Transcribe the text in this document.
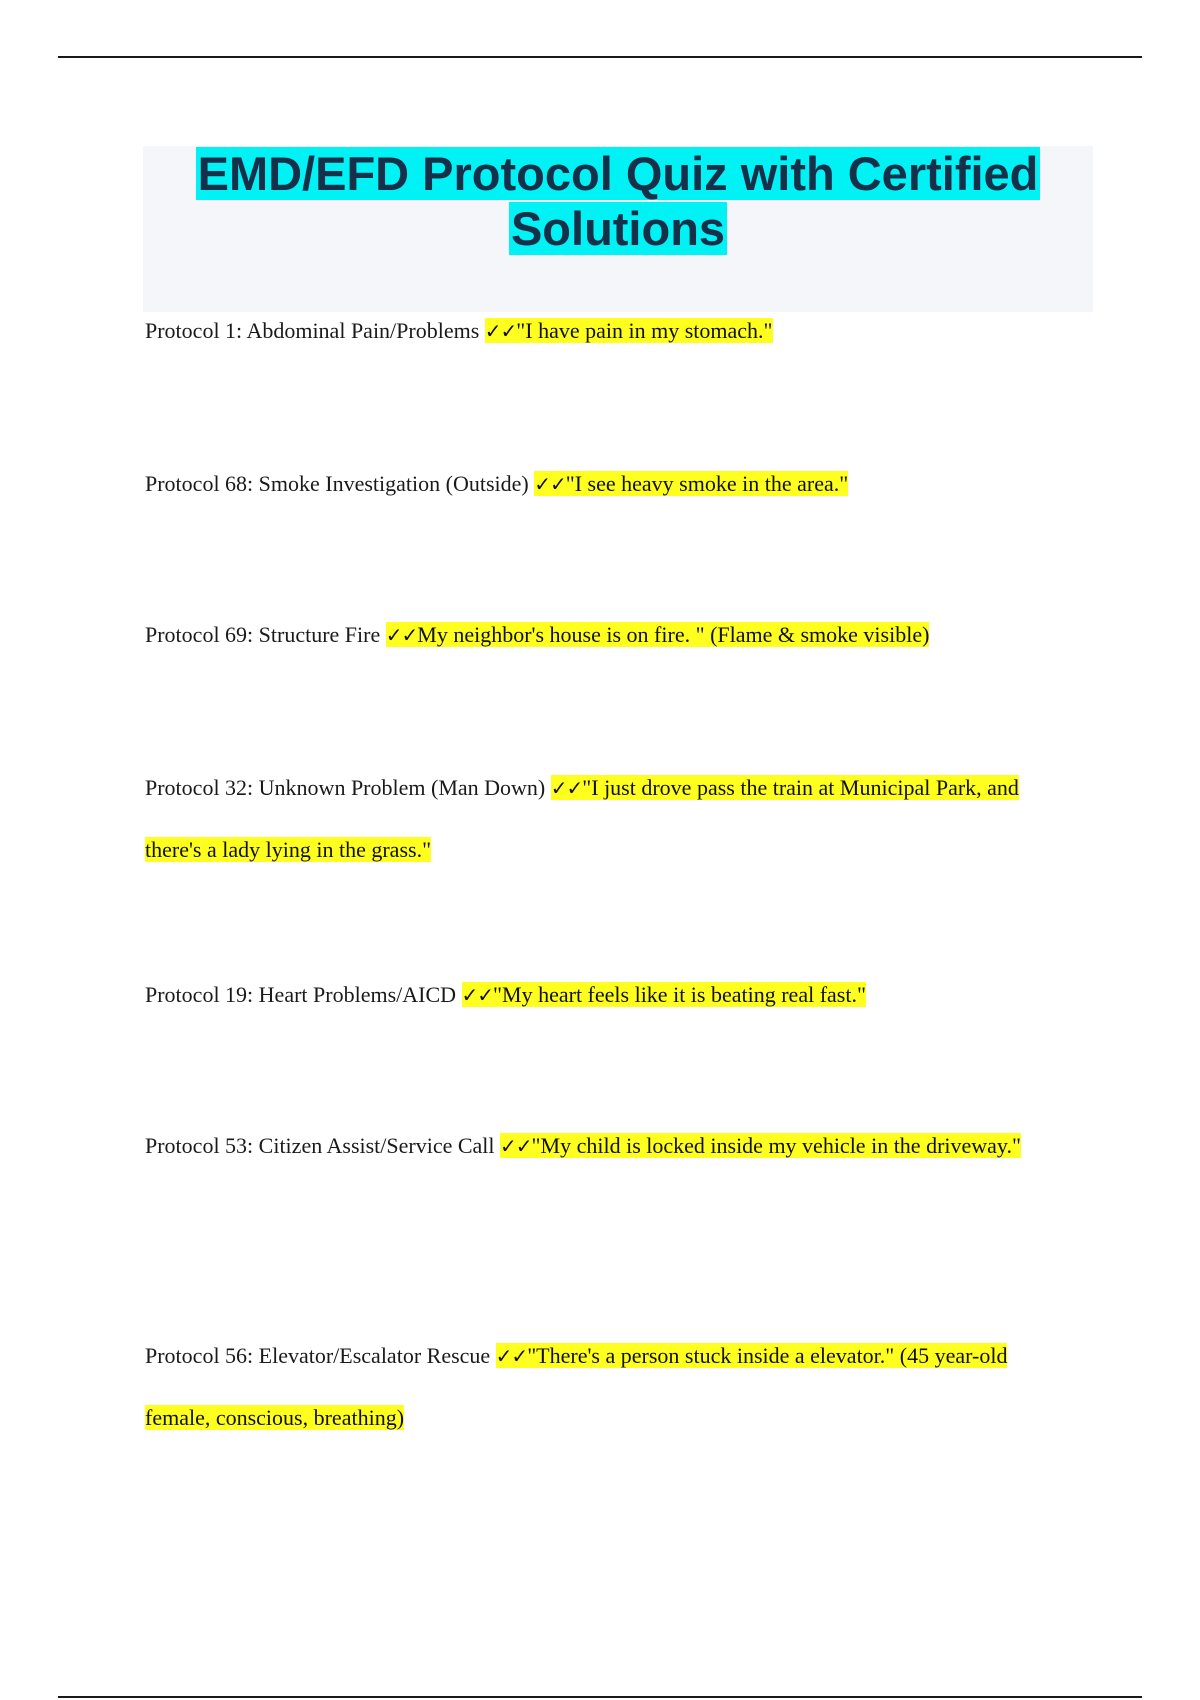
EMD/EFD Protocol Quiz with Certified
Solutions
Protocol 1: Abdominal Pain/Problems ✓✓"I have pain in my stomach."
Protocol 68: Smoke Investigation (Outside) ✓✓"I see heavy smoke in the area."
Protocol 69: Structure Fire ✓✓My neighbor's house is on fire. " (Flame & smoke visible)
Protocol 32: Unknown Problem (Man Down) ✓✓"I just drove pass the train at Municipal Park, and there's a lady lying in the grass."
Protocol 19: Heart Problems/AICD ✓✓"My heart feels like it is beating real fast."
Protocol 53: Citizen Assist/Service Call ✓✓"My child is locked inside my vehicle in the driveway."
Protocol 56: Elevator/Escalator Rescue ✓✓"There's a person stuck inside a elevator." (45 year-old female, conscious, breathing)
